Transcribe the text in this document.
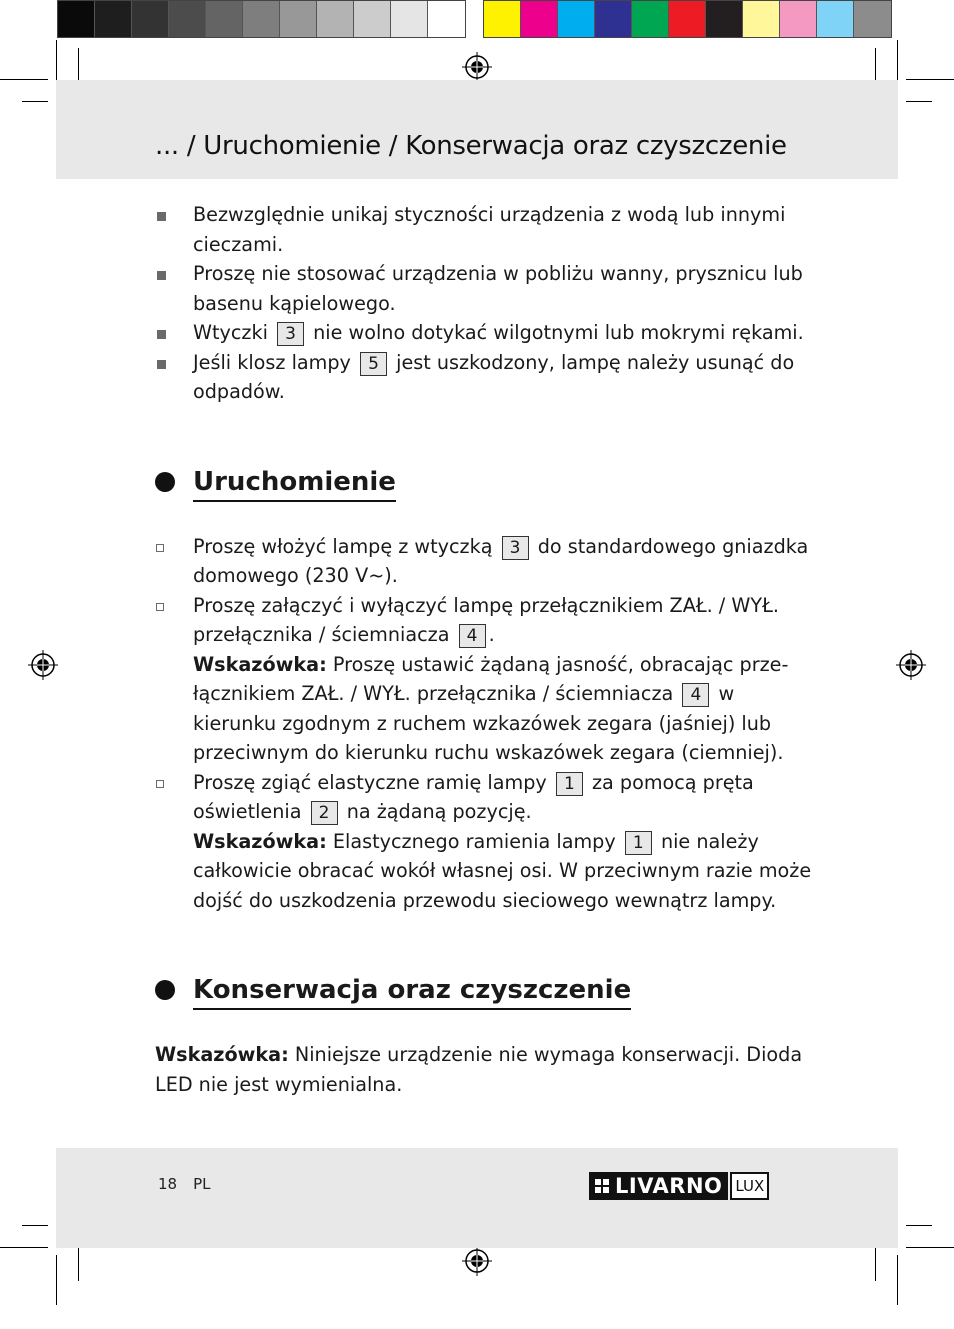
... / Uruchomienie / Konserwacja oraz czyszczenie
Bezwzględnie unikaj styczności urządzenia z wodą lub innymi cieczami.
Proszę nie stosować urządzenia w pobliżu wanny, prysznicu lub basenu kąpielowego.
Wtyczki 3 nie wolno dotykać wilgotnymi lub mokrymi rękami.
Jeśli klosz lampy 5 jest uszkodzony, lampę należy usunąć do odpadów.
Uruchomienie
Proszę włożyć lampę z wtyczką 3 do standardowego gniazdka domowego (230 V~).
Proszę załączyć i wyłączyć lampę przełącznikiem ZAŁ. / WYŁ. przełącznika / ściemniacza 4 .
Wskazówka: Proszę ustawić żądaną jasność, obracając przełącznikiem ZAŁ. / WYŁ. przełącznika / ściemniacza 4 w kierunku zgodnym z ruchem wzkazówek zegara (jaśniej) lub przeciwnym do kierunku ruchu wskazówek zegara (ciemniej).
Proszę zgiąć elastyczne ramię lampy 1 za pomocą pręta oświetlenia 2 na żądaną pozycję.
Wskazówka: Elastycznego ramienia lampy 1 nie należy całkowicie obracać wokół własnej osi. W przeciwnym razie może dojść do uszkodzenia przewodu sieciowego wewnątrz lampy.
Konserwacja oraz czyszczenie
Wskazówka: Niniejsze urządzenie nie wymaga konserwacji. Dioda LED nie jest wymienialna.
18 PL	LIVARNO LUX
